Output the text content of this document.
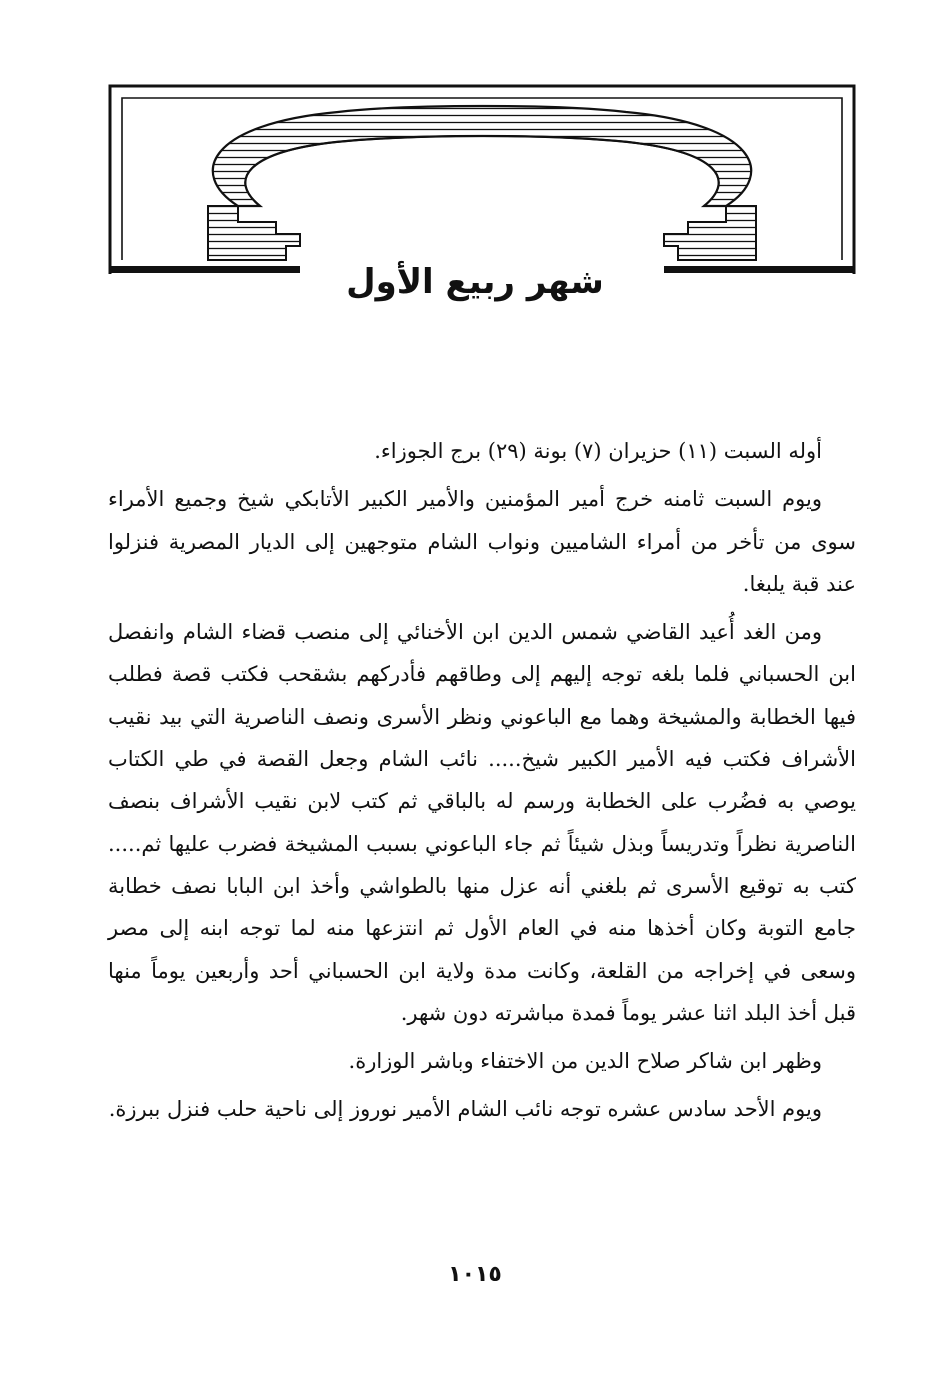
شهر ربيع الأول

أوله السبت (١١) حزيران (٧) بونة (٢٩) برج الجوزاء.

ويوم السبت ثامنه خرج أمير المؤمنين والأمير الكبير الأتابكي شيخ وجميع الأمراء سوى من تأخر من أمراء الشاميين ونواب الشام متوجهين إلى الديار المصرية فنزلوا عند قبة يلبغا.

ومن الغد أُعيد القاضي شمس الدين ابن الأخنائي إلى منصب قضاء الشام وانفصل ابن الحسباني فلما بلغه توجه إليهم إلى وطاقهم فأدركهم بشقحب فكتب قصة فطلب فيها الخطابة والمشيخة وهما مع الباعوني ونظر الأسرى ونصف الناصرية التي بيد نقيب الأشراف فكتب فيه الأمير الكبير شيخ..... نائب الشام وجعل القصة في طي الكتاب يوصي به فضُرب على الخطابة ورسم له بالباقي ثم كتب لابن نقيب الأشراف بنصف الناصرية نظراً وتدريساً وبذل شيئاً ثم جاء الباعوني بسبب المشيخة فضرب عليها ثم..... كتب به توقيع الأسرى ثم بلغني أنه عزل منها بالطواشي وأخذ ابن البابا نصف خطابة جامع التوبة وكان أخذها منه في العام الأول ثم انتزعها منه لما توجه ابنه إلى مصر وسعى في إخراجه من القلعة، وكانت مدة ولاية ابن الحسباني أحد وأربعين يوماً منها قبل أخذ البلد اثنا عشر يوماً فمدة مباشرته دون شهر.

وظهر ابن شاكر صلاح الدين من الاختفاء وباشر الوزارة.

ويوم الأحد سادس عشره توجه نائب الشام الأمير نوروز إلى ناحية حلب فنزل ببرزة.

١٠١٥
